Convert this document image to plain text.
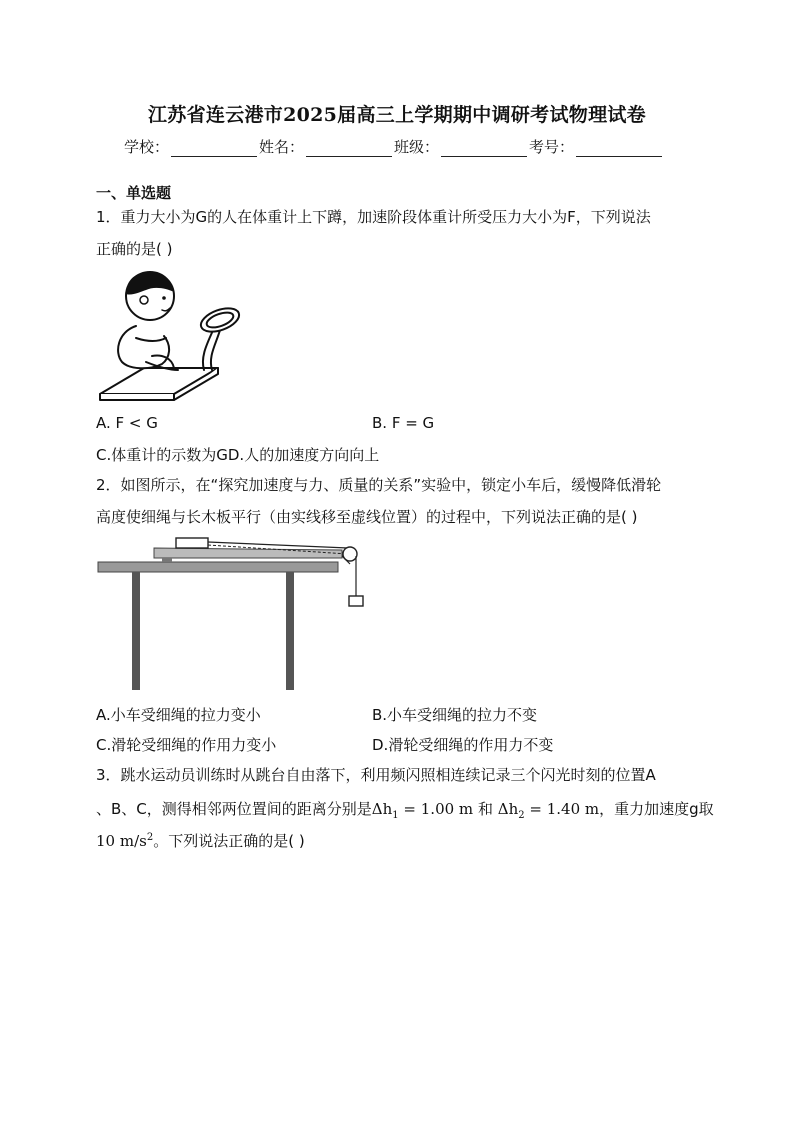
江苏省连云港市2025届高三上学期期中调研考试物理试卷
学校：	姓名：	班级：	考号：
一、单选题
1．重力大小为G的人在体重计上下蹲，加速阶段体重计所受压力大小为F，下列说法
正确的是( )
A. F < G	B. F = G
C.体重计的示数为GD.人的加速度方向向上
2．如图所示，在“探究加速度与力、质量的关系”实验中，锁定小车后，缓慢降低滑轮
高度使细绳与长木板平行（由实线移至虚线位置）的过程中，下列说法正确的是( )
A.小车受细绳的拉力变小	B.小车受细绳的拉力不变
C.滑轮受细绳的作用力变小	D.滑轮受细绳的作用力不变
3．跳水运动员训练时从跳台自由落下，利用频闪照相连续记录三个闪光时刻的位置A
、B、C，测得相邻两位置间的距离分别是$\Delta h_1 = 1.00$ m 和 $\Delta h_2 = 1.40$ m，重力加速度g取
10 $m/s^2$。下列说法正确的是( )
